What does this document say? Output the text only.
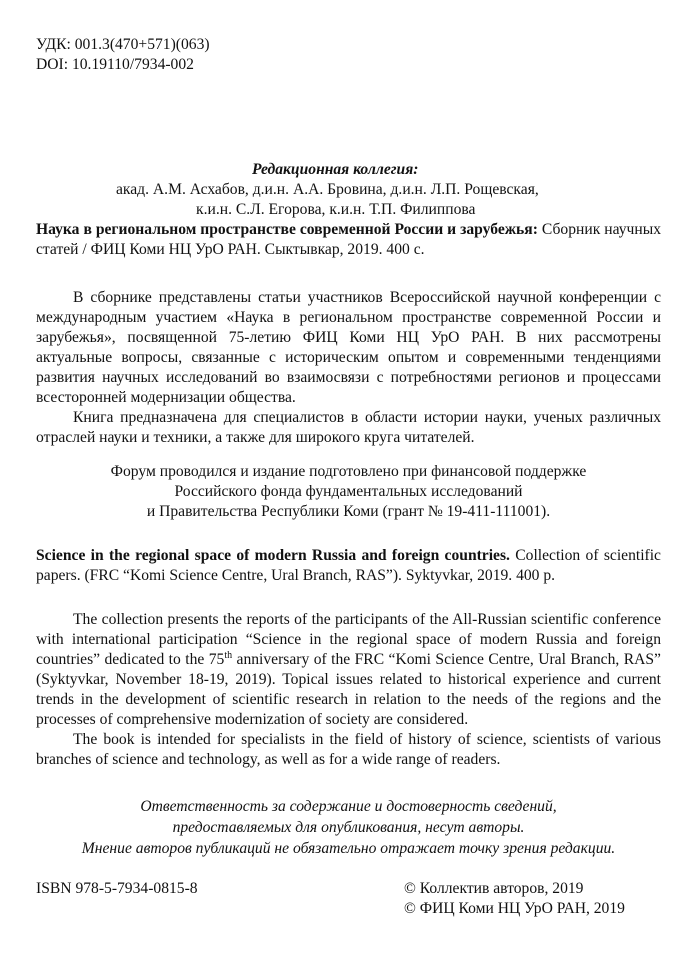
УДК: 001.3(470+571)(063)
DOI: 10.19110/7934-002
Редакционная коллегия:
акад. А.М. Асхабов, д.и.н. А.А. Бровина, д.и.н. Л.П. Рощевская,
к.и.н. С.Л. Егорова, к.и.н. Т.П. Филиппова
Наука в региональном пространстве современной России и зарубежья: Сборник научных статей / ФИЦ Коми НЦ УрО РАН. Сыктывкар, 2019. 400 с.
В сборнике представлены статьи участников Всероссийской научной конференции с международным участием «Наука в региональном пространстве современной России и зарубежья», посвященной 75-летию ФИЦ Коми НЦ УрО РАН. В них рассмотрены актуальные вопросы, связанные с историческим опытом и современными тенденциями развития научных исследований во взаимосвязи с потребностями регионов и процессами всесторонней модернизации общества.
Книга предназначена для специалистов в области истории науки, ученых различных отраслей науки и техники, а также для широкого круга читателей.
Форум проводился и издание подготовлено при финансовой поддержке
Российского фонда фундаментальных исследований
и Правительства Республики Коми (грант № 19-411-111001).
Science in the regional space of modern Russia and foreign countries. Collection of scientific papers. (FRC “Komi Science Centre, Ural Branch, RAS”). Syktyvkar, 2019. 400 p.
The collection presents the reports of the participants of the All-Russian scientific conference with international participation “Science in the regional space of modern Russia and foreign countries” dedicated to the 75th anniversary of the FRC “Komi Science Centre, Ural Branch, RAS” (Syktyvkar, November 18-19, 2019). Topical issues related to historical experience and current trends in the development of scientific research in relation to the needs of the regions and the processes of comprehensive modernization of society are considered.
The book is intended for specialists in the field of history of science, scientists of various branches of science and technology, as well as for a wide range of readers.
Ответственность за содержание и достоверность сведений,
предоставляемых для опубликования, несут авторы.
Мнение авторов публикаций не обязательно отражает точку зрения редакции.
ISBN 978-5-7934-0815-8	© Коллектив авторов, 2019
© ФИЦ Коми НЦ УрО РАН, 2019
